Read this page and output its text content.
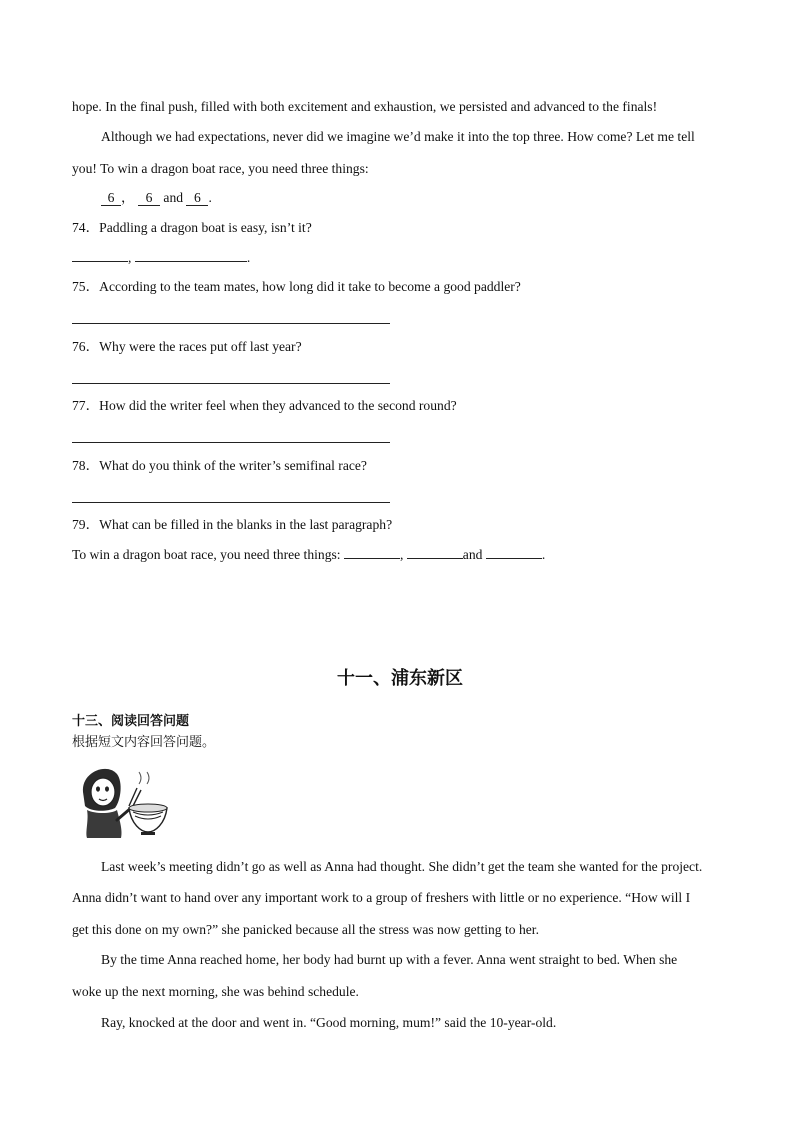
hope. In the final push, filled with both excitement and exhaustion, we persisted and advanced to the finals!
Although we had expectations, never did we imagine we’d make it into the top three. How come? Let me tell
you! To win a dragon boat race, you need three things:
6 ， 6 and 6 .
74．Paddling a dragon boat is easy, isn’t it?
,	.
75．According to the team mates, how long did it take to become a good paddler?
76．Why were the races put off last year?
77．How did the writer feel when they advanced to the second round?
78．What do you think of the writer’s semifinal race?
79．What can be filled in the blanks in the last paragraph?
To win a dragon boat race, you need three things:	,	and	.
十一、浦东新区
十三、阅读回答问题
根据短文内容回答问题。
Last week’s meeting didn’t go as well as Anna had thought. She didn’t get the team she wanted for the project.
Anna didn’t want to hand over any important work to a group of freshers with little or no experience. “How will I
get this done on my own?” she panicked because all the stress was now getting to her.
By the time Anna reached home, her body had burnt up with a fever. Anna went straight to bed. When she
woke up the next morning, she was behind schedule.
Ray, knocked at the door and went in. “Good morning, mum!” said the 10-year-old.
